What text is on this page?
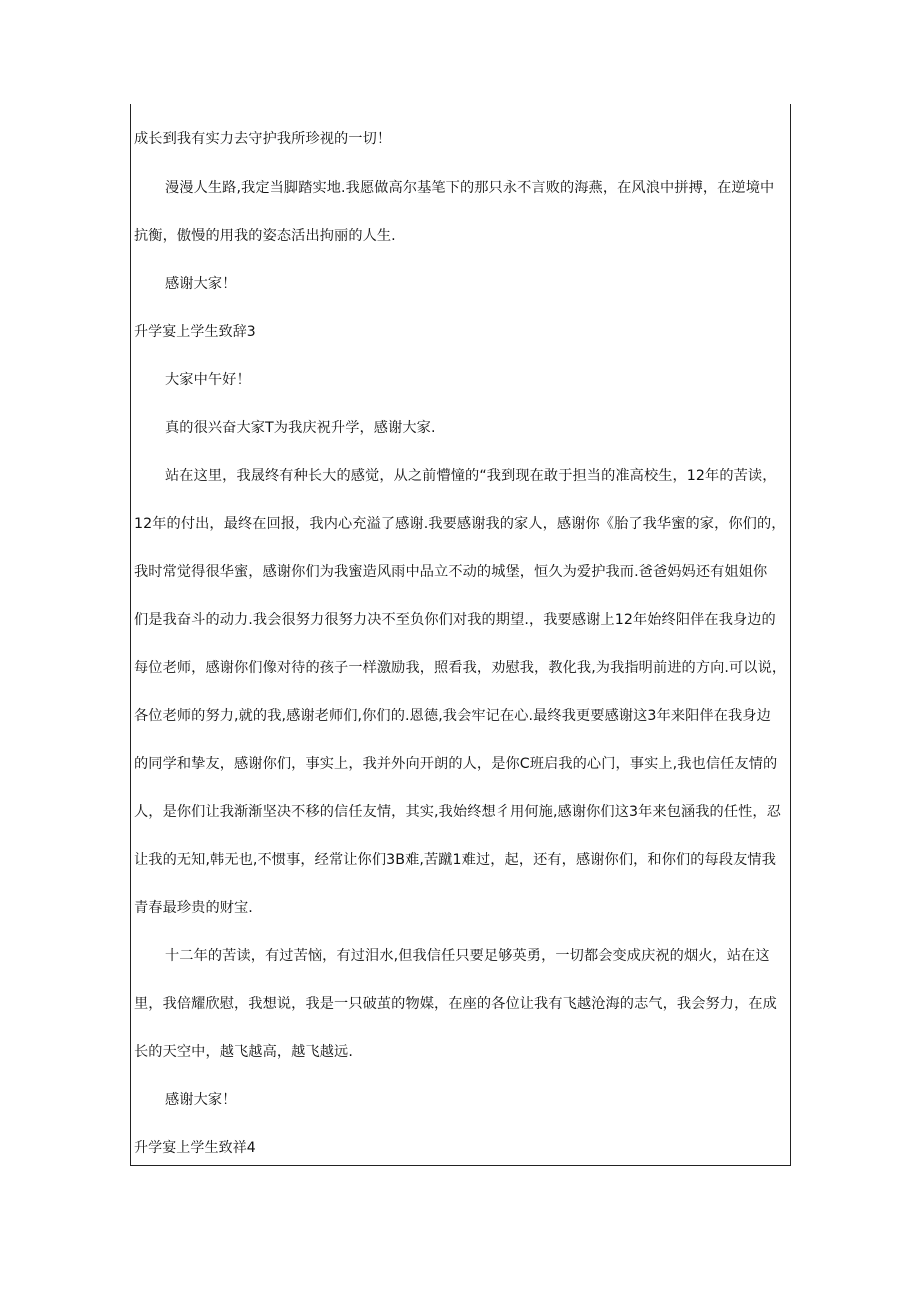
成长到我有实力去守护我所珍视的一切！
漫漫人生路,我定当脚踏实地.我愿做高尔基笔下的那只永不言败的海燕，在风浪中拼搏，在逆境中
抗衡，傲慢的用我的姿态活出拘丽的人生.
感谢大家！
升学宴上学生致辞3
大家中午好！
真的很兴奋大家T为我庆祝升学，感谢大家.
站在这里，我晟终有种长大的感觉，从之前懵憧的“我到现在敢于担当的准高校生，12年的苦读，
12年的付出，最终在回报，我内心充溢了感谢.我要感谢我的家人，感谢你《胎了我华蜜的家，你们的，
我时常觉得很华蜜，感谢你们为我蜜造风雨中品立不动的城堡，恒久为爱护我而.爸爸妈妈还有姐姐你
们是我奋斗的动力.我会很努力很努力决不至负你们对我的期望.，我要感谢上12年始终阳伴在我身边的
每位老师，感谢你们像对待的孩子一样激励我，照看我，劝慰我，教化我,为我指明前进的方向.可以说，
各位老师的努力,就的我,感谢老师们,你们的.恩德,我会牢记在心.最终我更要感谢这3年来阳伴在我身边
的同学和挚友，感谢你们，事实上，我并外向开朗的人，是你C班启我的心门，事实上,我也信任友情的
人，是你们让我渐渐坚决不移的信任友情，其实,我始终想彳用何施,感谢你们这3年来包涵我的任性，忍
让我的无知,韩无也,不惯事，经常让你们3B难,苦蹴1难过，起，还有，感谢你们，和你们的每段友情我
青春最珍贵的财宝.
十二年的苦读，有过苦恼，有过泪水,但我信任只要足够英勇，一切都会变成庆祝的烟火，站在这
里，我倍耀欣慰，我想说，我是一只破茧的物媒，在座的各位让我有飞越沧海的志气，我会努力，在成
长的天空中，越飞越高，越飞越远.
感谢大家！
升学宴上学生致祥4
